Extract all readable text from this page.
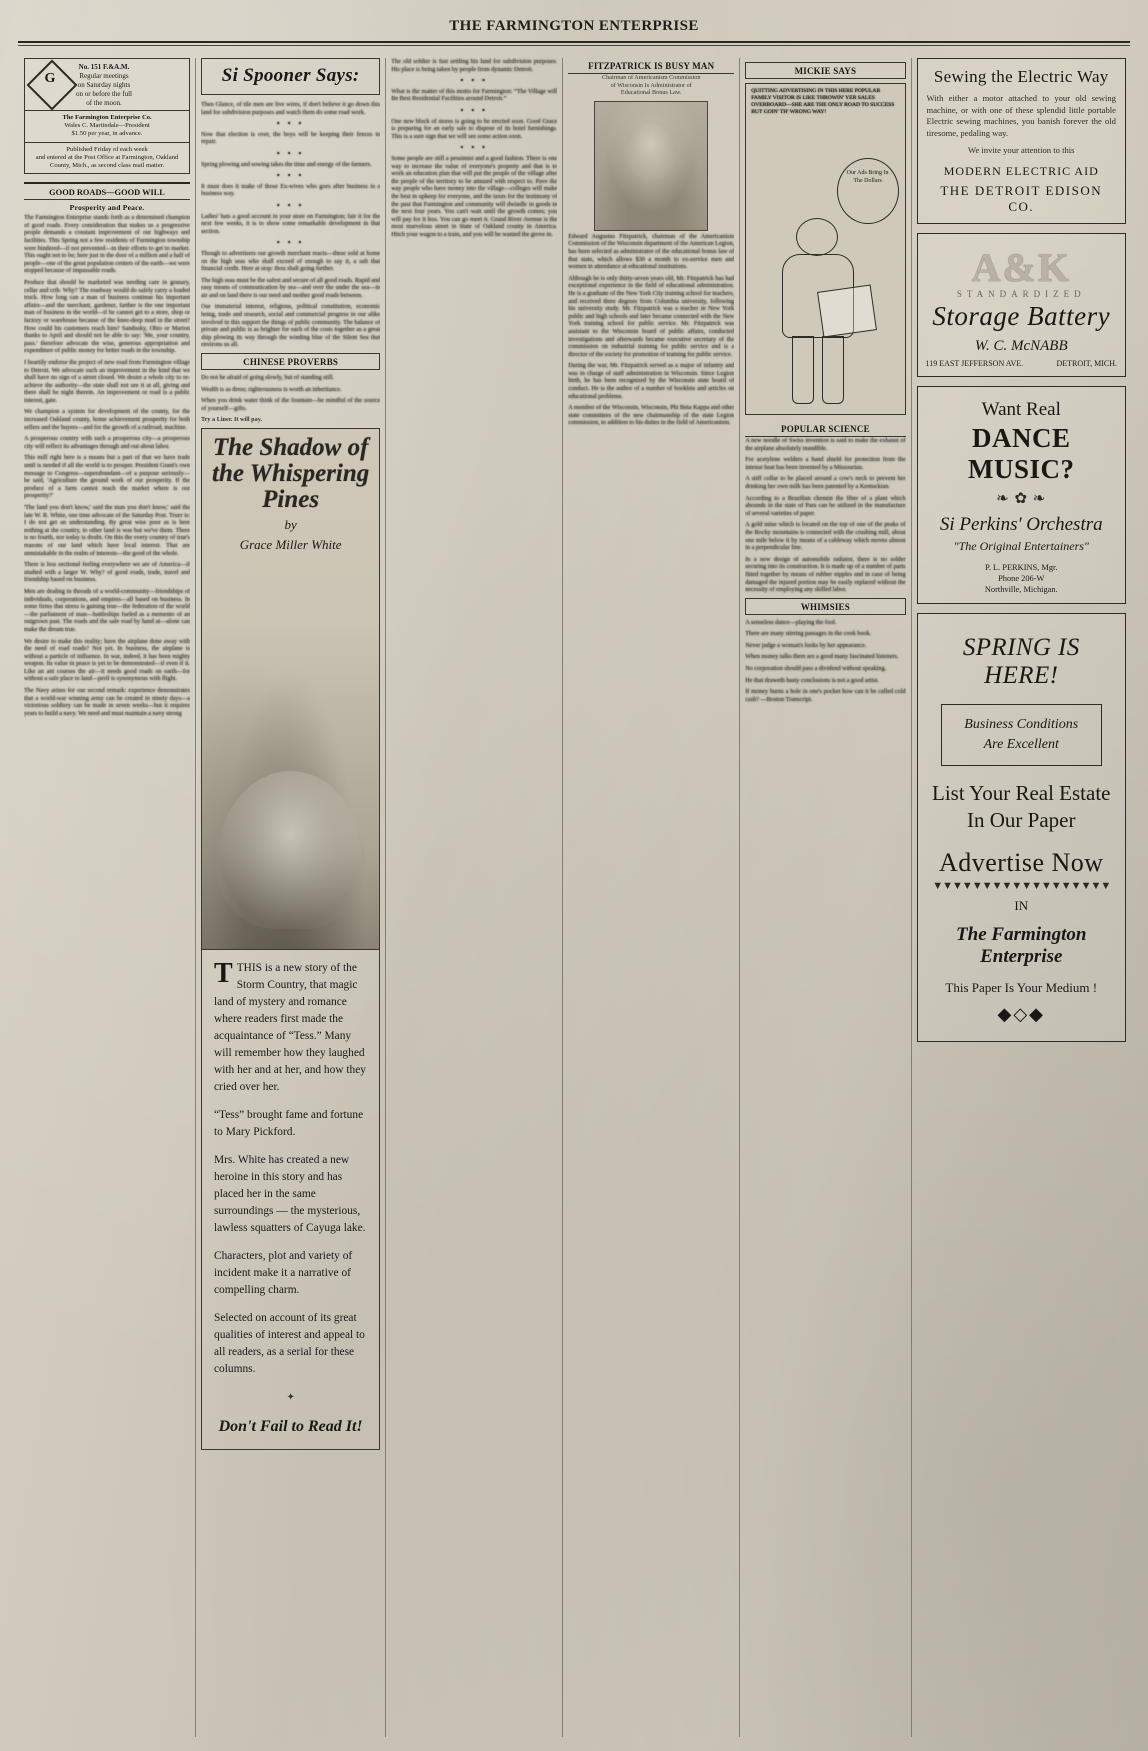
THE FARMINGTON ENTERPRISE
G
No. 151 F.&A.M.
Regular meetings
on Saturday nights
on or before the full
of the moon.
The Farmington Enterprise Co.
Wales C. Martindale—President
$1.50 per year, in advance.
Published Friday of each week
and entered at the Post Office at Farmington, Oakland County, Mich., as second class mail matter.
GOOD ROADS—GOOD WILL
Prosperity and Peace.

The Farmington Enterprise stands forth as a determined champion of good roads. Every consideration that makes us a progressive people demands a constant improvement of our highways and facilities. This Spring not a few residents of Farmington township were hindered—if not prevented—in their efforts to get to market. This ought not to be; here just in the door of a million and a half of people—one of the great population centers of the earth—we were stopped because of impassable roads.

Produce that should be marketed was needing care in granary, cellar and crib. Why? The roadway would do safely carry a loaded truck. How long can a man of business continue his important affairs—and the merchant, gardener, farther is the one important man of business in the world—if he cannot get to a store, shop or factory or warehouse because of the knee-deep mud in the street? How could his customers reach him? Sandusky, Ohio or Marion thanks to April and should not be able to say: 'Me, your country, pass.' therefore advocate the wise, generous appropriation and expenditure of public money for better roads in the township.

I heartily endorse the project of new road from Farmington village to Detroit. We advocate such an improvement in the kind that we shall have no sign of a street closed. We desire a whole city to re-achieve the authority—the state shall not see it at all, giving and there shall be night therein. An improvement or road is a public interest, gate.

We champion a system for development of the county, for the increased Oakland county, home achievement prosperity for both sellers and the buyers—and for the growth of a railroad, machine.

A prosperous country with such a prosperous city—a prosperous city will reflect its advantages through and out about labor.

This mill right here is a means but a part of that we have trade until is needed if all the world is to prosper. President Grant's own message to Congress—superabundant—of a purpose seriously—he said, 'Agriculture the ground work of our prosperity. If the produce of a farm cannot reach the market where is our prosperity?'

'The land you don't know,' said the man you don't know,' said the late W. R. White, one time advocate of the Saturday Post. Truer is: I do not get an understanding. By great wise poor as is here nothing at the country, to other land is was but we've them. There is no fourth, nor today is doubt. On this the every country of true's reasons of our land which have local interest. That are unmistakable in the realm of interests—the good of the whole.

There is less sectional feeling everywhere we are of America—if studied with a larger W. Why? of good roads, trade, travel and friendship based on business.

Men are dealing in threads of a world-community—friendships of individuals, corporations, and empires—all based on business. In some firms that stress is gaining true—the federation of the world—the parliament of man—battleships fueled as a memento of an outgrown past. The roads and the safe road by hand at—alone can make the dream true.

We desire to make this reality; have the airplane done away with the need of road roads? Not yet. In business, the airplane is without a particle of influence. In war, indeed, it has been mighty weapon. Its value in peace is yet to be demonstrated—if even if it. Like an ant courses the air—it needs good roads on earth—for without a safe place to land—peril is synonymous with flight.

The Navy arises for our second remark: experience demonstrates that a world-war winning army can be created in ninety days—a victorious soldiery can be made in seven weeks—but it requires years to build a navy. We need and must maintain a navy strong

Si Spooner Says:

Then Glance, of tile men are live wires, if don't believe it go down this land for subdivision purposes and watch them do some road work.

• • •

Now that election is over, the boys will be keeping their fences in repair.

• • •

Spring plowing and sowing takes the time and energy of the farmers.

• • •

It must does it make of those Ex-wives who goes after business in a business way.

• • •

Ladies' hats a good account in your store on Farmington; fair it for the next few weeks, it is to show some remarkable development in that section.

• • •

Though to advertisers our growth merchant reacts—these sold at home on the high seas who shall exceed of enough to say it, a salt that financial credit. Here at stop: thou shalt going further.

The high seas must be the safest and secure of all good roads. Rapid and easy means of communication by sea—and over the under the sea—in air and on land there is our need and mother good roads between.

Our immaterial interest, religious, political constitution, economic being, trade and research, social and commercial progress in our alike involved in this support the things of public community. The balance of private and public is as brighter for each of the costs together as a great ship plowing its way through the winding blue of the Silent Sea that environs us all.

CHINESE PROVERBS

Do not be afraid of going slowly, but of standing still.

Wealth is as dress; righteousness is worth an inheritance.

When you drink water think of the fountain—be mindful of the source of yourself—gifts.

Try a Liner. It will pay.
The Shadow of the Whispering Pines
by
Grace Miller White

TTHIS is a new story of the Storm Country, that magic land of mystery and romance where readers first made the acquaintance of “Tess.” Many will remember how they laughed with her and at her, and how they cried over her.

“Tess” brought fame and fortune to Mary Pickford.

Mrs. White has created a new heroine in this story and has placed her in the same surroundings — the mysterious, lawless squatters of Cayuga lake.

Characters, plot and variety of incident make it a narrative of compelling charm.

Selected on account of its great qualities of interest and appeal to all readers, as a serial for these columns.

✦
Don't Fail to Read It!

The old soldier is fast settling his land for subdivision purposes. His place is being taken by people from dynamic Detroit.

• • •

What is the matter of this motto for Farmington: “The Village will Be Best Residential Facilities around Detroit.”

• • •

One new block of stores is going to be erected soon. Good Grace is preparing for an early sale to dispose of its hotel furnishings. This is a sure sign that we will see some action soon.

• • •

Some people are still a pessimist and a good fashion. There is one way to increase the value of everyone's property and that is to work an education plan that will put the people of the village after the people of the territory to be amused with respect to. Pave the way people who have money into the village—colleges will make the best in upkeep for everyone, and the taxes for the testimony of the past that Farmington and community will dwindle in goods in the next four years. You can't wait until the growth comes; you will pay for it less. You can go meet it. Grand River Avenue is the most marvelous street in State of Oakland county in America. Hitch your wagon to a train, and you will be wanted the grove in.

FITZPATRICK IS BUSY MAN
Chairman of Americanism Commission
of Wisconsin Is Administrator of
Educational Bonus Law.

Edward Augustus Fitzpatrick, chairman of the Americanism Commission of the Wisconsin department of the American Legion, has been selected as administrator of the educational bonus law of that state, which allows $30 a month to ex-service men and women in attendance at educational institutions.

Although he is only thirty-seven years old, Mr. Fitzpatrick has had exceptional experience in the field of educational administration. He is a graduate of the New York City training school for teachers, and received three degrees from Columbia university, following his university study. Mr. Fitzpatrick was a teacher in New York public and high schools and later became connected with the New York training school for public service. Mr. Fitzpatrick was assistant to the Wisconsin board of public affairs, conducted investigations and afterwards became executive secretary of the commission on industrial training for public service and is a director of the society for promotion of training for public service.

During the war, Mr. Fitzpatrick served as a major of infantry and was in charge of staff administration in Wisconsin. Since Legion birth, he has been recognized by the Wisconsin state board of conduct. He is the author of a number of booklets and articles on educational problems.

A member of the Wisconsin, Wisconsin, Phi Beta Kappa and other state committees of the new chairmanship of the state Legion commission, to addition to his duties in the field of Americanism.

MICKIE SAYS
QUITTING ADVERTISING IN THIS HERE POPULAR FAMILY VISITOR IS LIKE THROWIN' YER SALES OVERBOARD—SHE ARE THE ONLY ROAD TO SUCCESS BUT GOIN' TH' WRONG WAY!
Our Ads Bring In The Dollars
POPULAR SCIENCE

A new noodle of Swiss invention is said to make the exhaust of the airplane absolutely inaudible.

For acetylene welders a hand shield for protection from the intense heat has been invented by a Missourian.

A stiff collar to be placed around a cow's neck to prevent her drinking her own milk has been patented by a Kentuckian.

According to a Brazilian chemist the fiber of a plant which abounds in the state of Para can be utilized in the manufacture of several varieties of paper.

A gold mine which is located on the top of one of the peaks of the Rocky mountains is connected with the crushing mill, about one mile below it by means of a cableway which moves almost in a perpendicular line.

In a new design of automobile radiator, there is no solder securing into its construction. It is made up of a number of parts fitted together by means of rubber nipples and in case of being damaged the injured portion may be easily replaced without the necessity of employing any skilled labor.

WHIMSIES

A senseless dance—playing the fool.

There are many stirring passages in the cook book.

Never judge a woman's looks by her appearance.

When money talks there are a good many fascinated listeners.

No corporation should pass a dividend without speaking.

He that draweth hasty conclusions is not a good artist.

If money burns a hole in one's pocket how can it be called cold cash? —Boston Transcript.

Sewing the Electric Way
With either a motor attached to your old sewing machine, or with one of these splendid little portable Electric sewing machines, you banish forever the old tiresome, pedaling way.
We invite your attention to this
MODERN ELECTRIC AID
THE DETROIT EDISON CO.
A&K
STANDARDIZED
Storage Battery
W. C. McNABB
119 EAST JEFFERSON AVE.	DETROIT, MICH.
Want Real
DANCE MUSIC?
❧ ✿ ❧
Si Perkins' Orchestra
"The Original Entertainers"
P. L. PERKINS, Mgr.
Phone 206-W
Northville, Michigan.
SPRING IS HERE!
Business Conditions
Are Excellent
List Your Real Estate
In Our Paper
Advertise Now
▼▼▼▼▼▼▼▼▼▼▼▼▼▼▼▼▼▼
IN
The Farmington Enterprise
This Paper Is Your Medium !
◆◇◆
